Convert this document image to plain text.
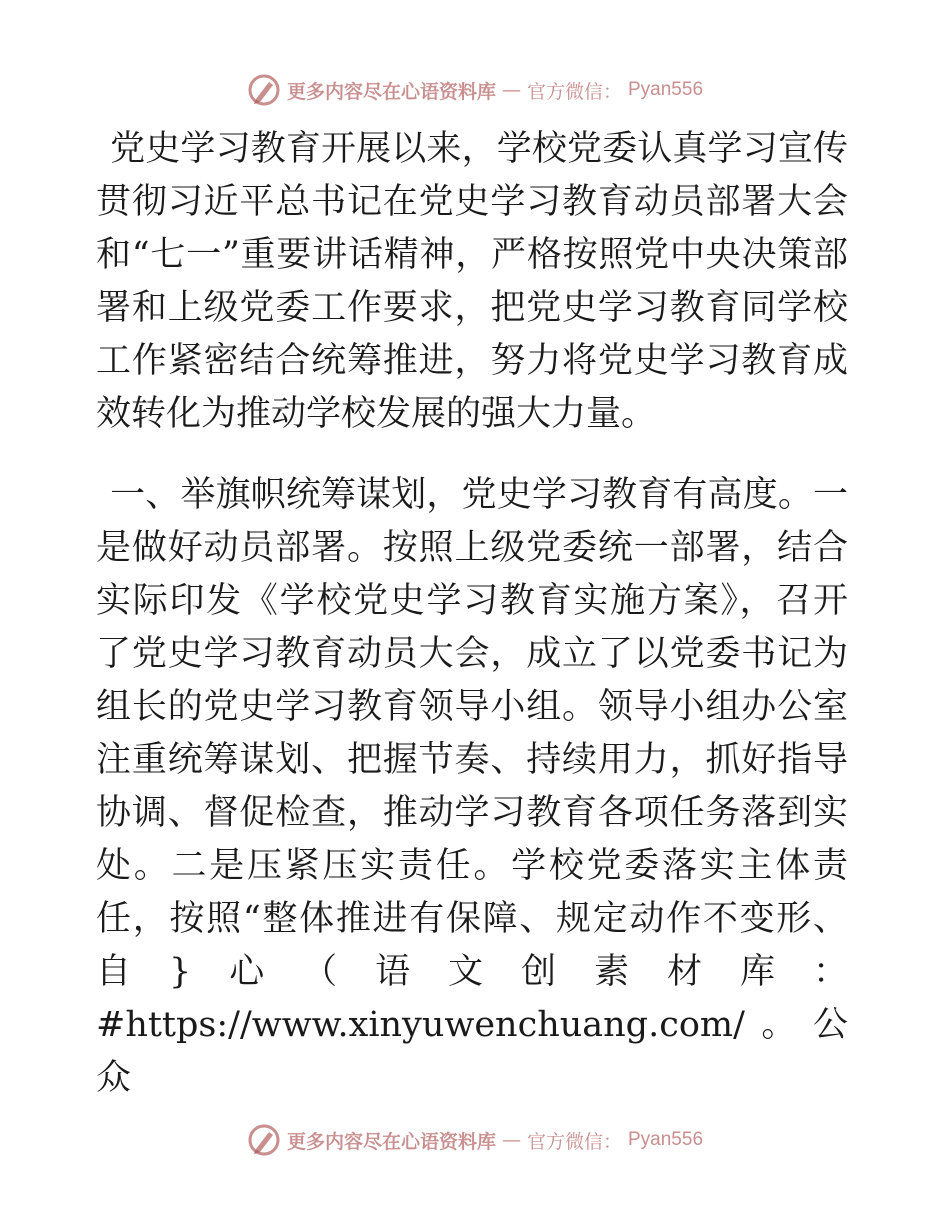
更多内容尽在心语资料库 — 官方微信： Pyan556

党史学习教育开展以来，学校党委认真学习宣传贯彻习近平总书记在党史学习教育动员部署大会和“七一”重要讲话精神，严格按照党中央决策部署和上级党委工作要求，把党史学习教育同学校工作紧密结合统筹推进，努力将党史学习教育成效转化为推动学校发展的强大力量。

一、举旗帜统筹谋划，党史学习教育有高度。一是做好动员部署。按照上级党委统一部署，结合实际印发《学校党史学习教育实施方案》，召开了党史学习教育动员大会，成立了以党委书记为组长的党史学习教育领导小组。领导小组办公室注重统筹谋划、把握节奏、持续用力，抓好指导协调、督促检查，推动学习教育各项任务落到实处。二是压紧压实责任。学校党委落实主体责任，按照“整体推进有保障、规定动作不变形、自}心（语文创素材库：#https://www.xinyuwenchuang.com/。公众

更多内容尽在心语资料库 — 官方微信： Pyan556
